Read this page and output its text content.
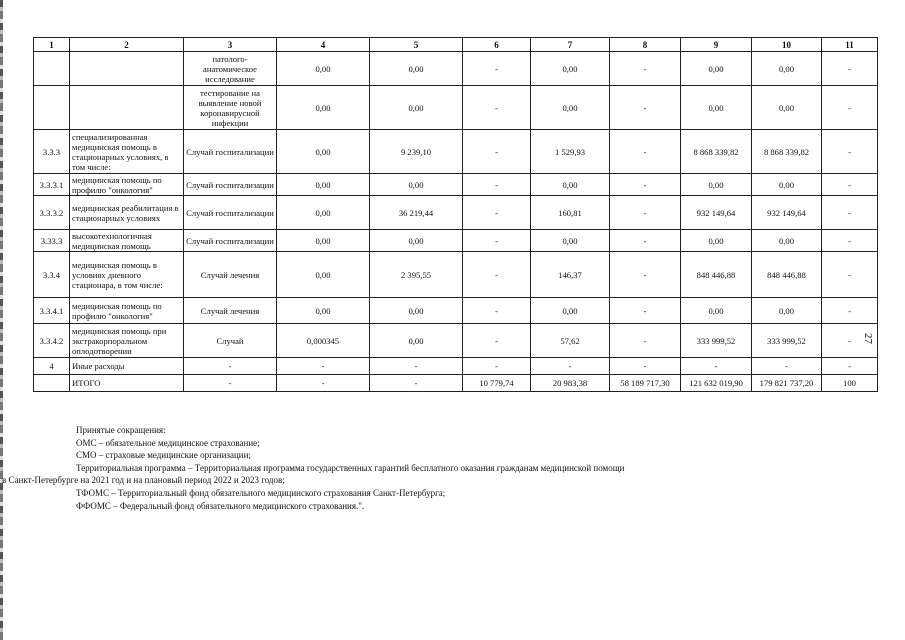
1	2	3	4	5	6	7	8	9	10	11
		патолого-анатомическое исследование	0,00	0,00	-	0,00	-	0,00	0,00	-
		тестирование на выявление новой коронавирусной инфекции	0,00	0,00	-	0,00	-	0,00	0,00	-
3.3.3	специализированная медицинская помощь в стационарных условиях, в том числе:	Случай госпитализации	0,00	9 239,10	-	1 529,93	-	8 868 339,82	8 868 339,82	-
3.3.3.1	медицинская помощь по профилю "онкология"	Случай госпитализации	0,00	0,00	-	0,00	-	0,00	0,00	-
3.3.3.2	медицинская реабилитация в стационарных условиях	Случай госпитализации	0,00	36 219,44	-	160,81	-	932 149,64	932 149,64	-
3.33.3	высокотехнологичная медицинская помощь	Случай госпитализации	0,00	0,00	-	0,00	-	0,00	0,00	-
3.3.4	медицинская помощь в условиях дневного стационара, в том числе:	Случай лечения	0,00	2 395,55	-	146,37	-	848 446,88	848 446,88	-
3.3.4.1	медицинская помощь по профилю "онкология"	Случай лечения	0,00	0,00	-	0,00	-	0,00	0,00	-
3.3.4.2	медицинская помощь при экстракорпоральном оплодотворении	Случай	0,000345	0,00	-	57,62	-	333 999,52	333 999,52	-
4	Иные расходы	-	-	-	-	-	-	-	-	-
	ИТОГО	-	-	-	10 779,74	20 983,38	58 189 717,30	121 632 019,90	179 821 737,20	100
Принятые сокращения:
ОМС – обязательное медицинское страхование;
СМО – страховые медицинские организации;
Территориальная программа – Территориальная программа государственных гарантий бесплатного оказания гражданам медицинской помощи
в Санкт-Петербурге на 2021 год и на плановый период 2022 и 2023 годов;
ТФОМС – Территориальный фонд обязательного медицинского страхования Санкт-Петербурга;
ФФОМС – Федеральный фонд обязательного медицинского страхования.".
27
